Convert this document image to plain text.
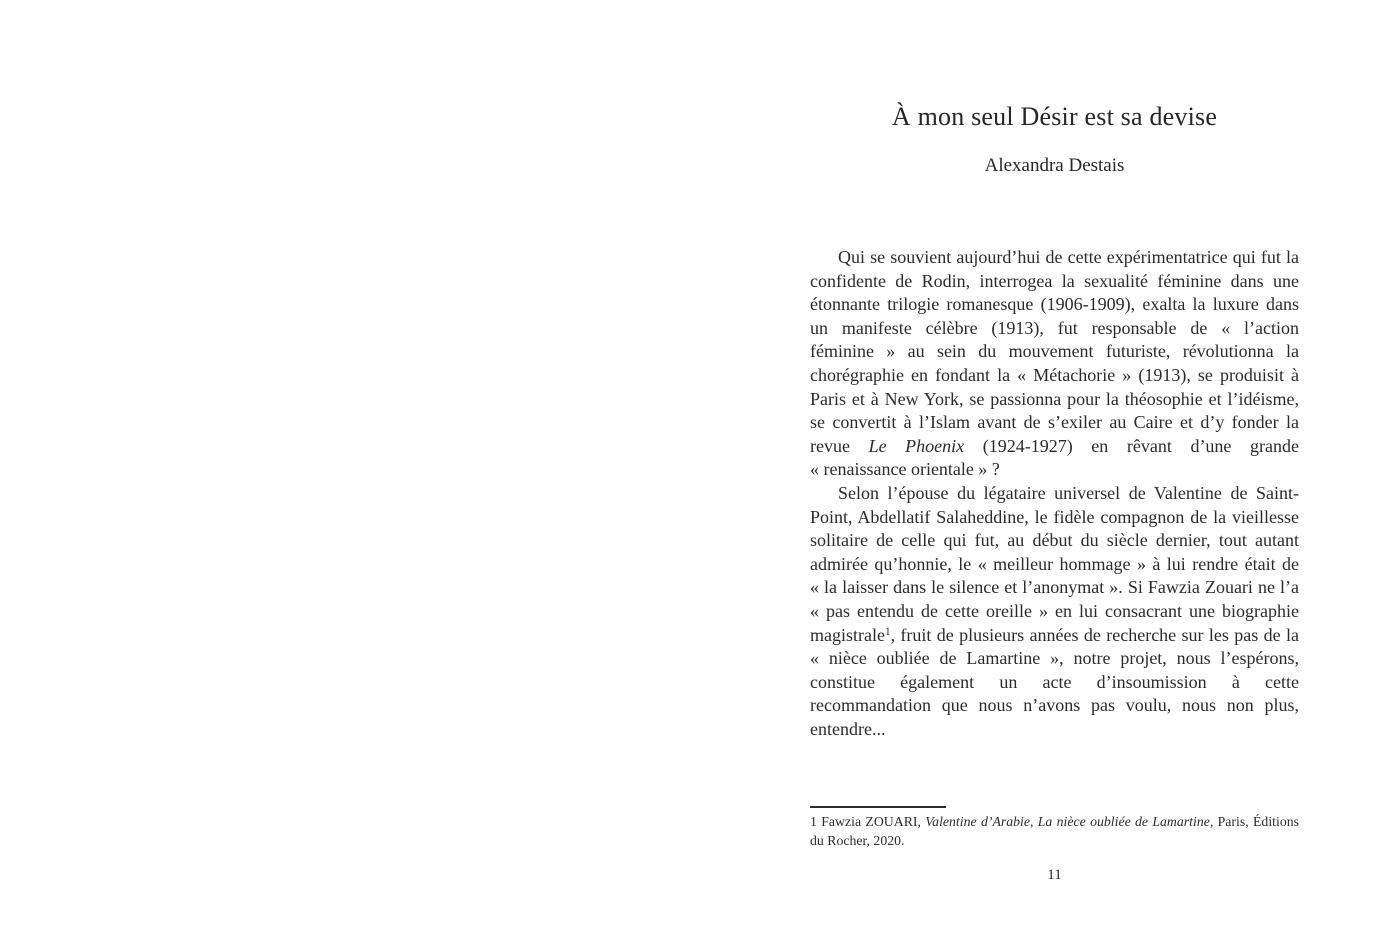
À mon seul Désir est sa devise
Alexandra Destais

Qui se souvient aujourd’hui de cette expérimentatrice qui fut la confidente de Rodin, interrogea la sexualité féminine dans une étonnante trilogie romanesque (1906-1909), exalta la luxure dans un manifeste célèbre (1913), fut responsable de « l’action féminine » au sein du mouvement futuriste, révolutionna la chorégraphie en fondant la « Métachorie » (1913), se produisit à Paris et à New York, se passionna pour la théosophie et l’idéisme, se convertit à l’Islam avant de s’exiler au Caire et d’y fonder la revue Le Phoenix (1924-1927) en rêvant d’une grande « renaissance orientale » ?

Selon l’épouse du légataire universel de Valentine de Saint-Point, Abdellatif Salaheddine, le fidèle compagnon de la vieillesse solitaire de celle qui fut, au début du siècle dernier, tout autant admirée qu’honnie, le « meilleur hommage » à lui rendre était de « la laisser dans le silence et l’anonymat ». Si Fawzia Zouari ne l’a « pas entendu de cette oreille » en lui consacrant une biographie magistrale$^1$, fruit de plusieurs années de recherche sur les pas de la « nièce oubliée de Lamartine », notre projet, nous l’espérons, constitue également un acte d’insoumission à cette recommandation que nous n’avons pas voulu, nous non plus, entendre...

1 Fawzia ZOUARI, Valentine d’Arabie, La nièce oubliée de Lamartine, Paris, Éditions du Rocher, 2020.
11
